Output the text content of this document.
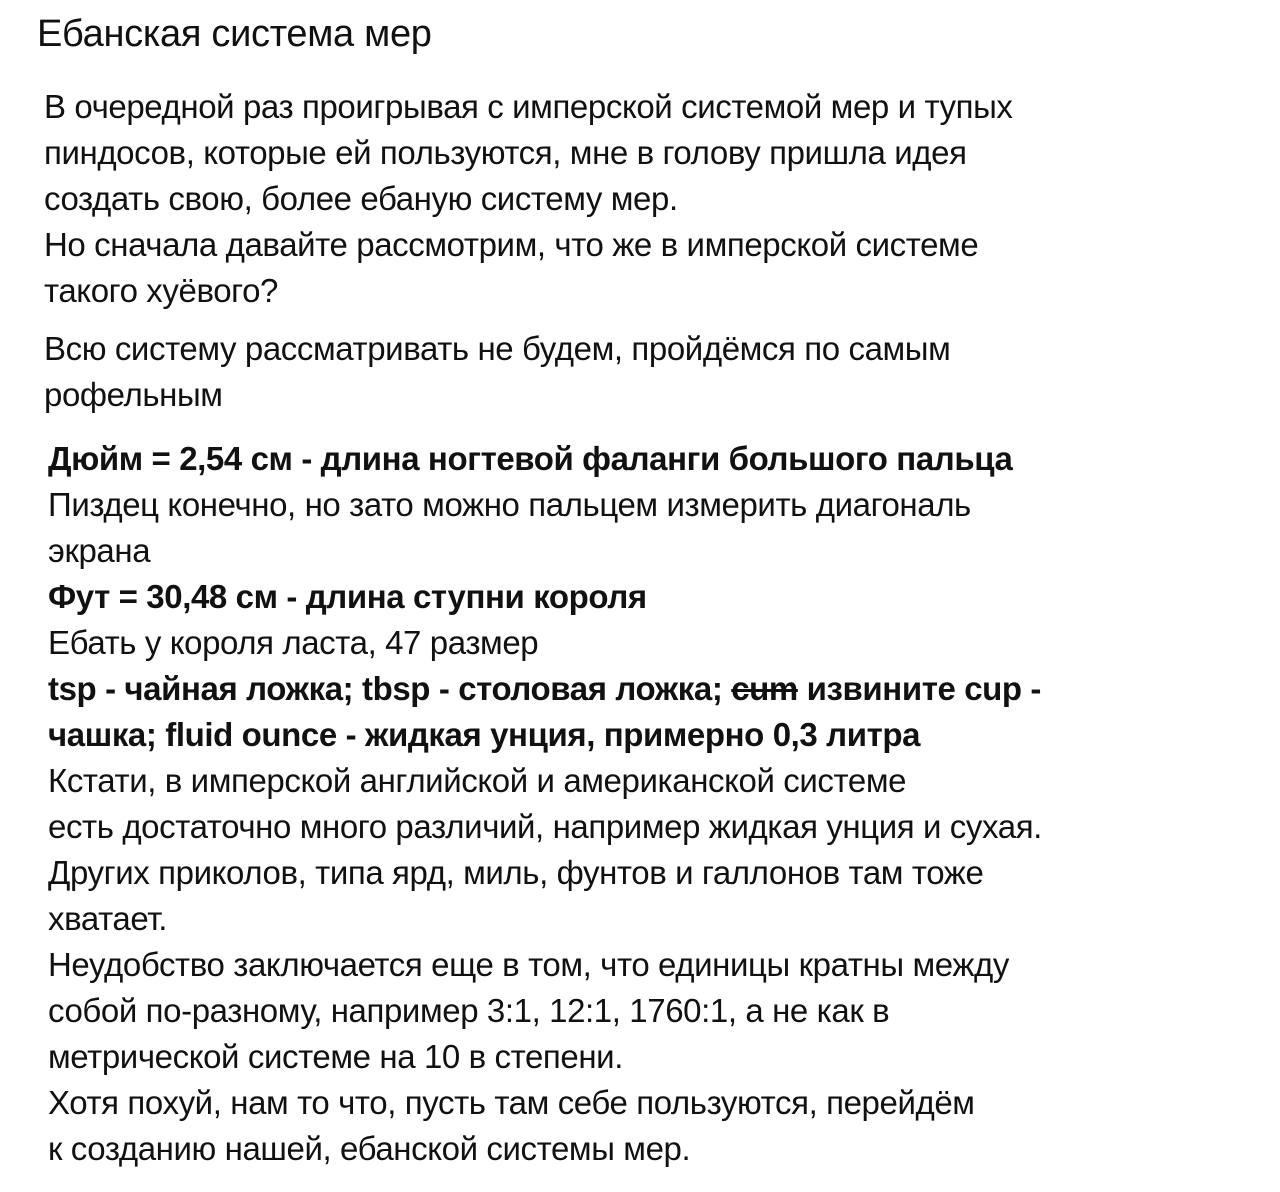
Ебанская система мер
В очередной раз проигрывая с имперской системой мер и тупых
пиндосов, которые ей пользуются, мне в голову пришла идея
создать свою, более ебаную систему мер.
Но сначала давайте рассмотрим, что же в имперской системе
такого хуёвого?
Всю систему рассматривать не будем, пройдёмся по самым
рофельным
Дюйм = 2,54 см - длина ногтевой фаланги большого пальца
Пиздец конечно, но зато можно пальцем измерить диагональ
экрана
Фут = 30,48 см - длина ступни короля
Ебать у короля ласта, 47 размер
tsp - чайная ложка; tbsp - столовая ложка; cum извините cup -
чашка; fluid ounce - жидкая унция, примерно 0,3 литра
Кстати, в имперской английской и американской системе
есть достаточно много различий, например жидкая унция и сухая.
Других приколов, типа ярд, миль, фунтов и галлонов там тоже
хватает.
Неудобство заключается еще в том, что единицы кратны между
собой по-разному, например 3:1, 12:1, 1760:1, а не как в
метрической системе на 10 в степени.
Хотя похуй, нам то что, пусть там себе пользуются, перейдём
к созданию нашей, ебанской системы мер.
